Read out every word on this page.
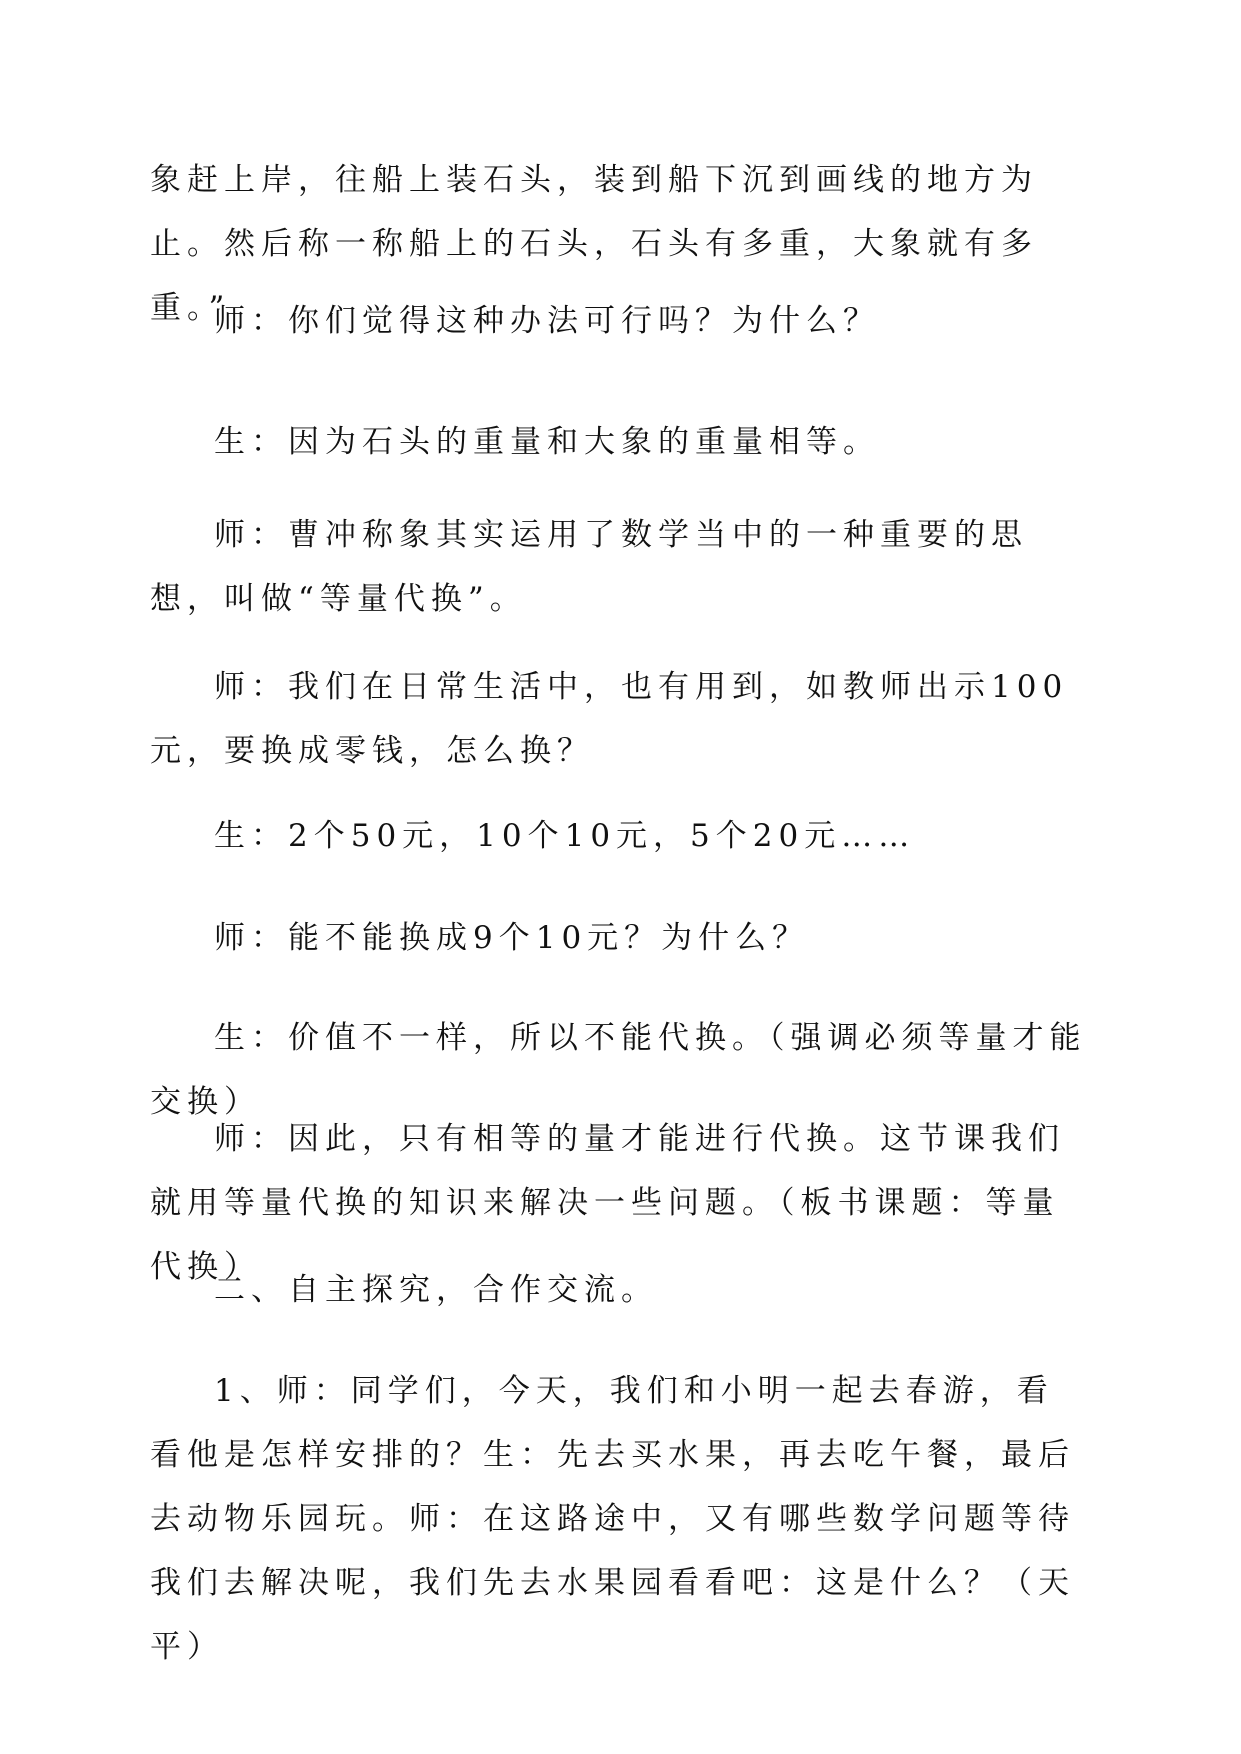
象赶上岸，往船上装石头，装到船下沉到画线的地方为止。然后称一称船上的石头，石头有多重，大象就有多重。”

师：你们觉得这种办法可行吗？为什么？

生：因为石头的重量和大象的重量相等。

师：曹冲称象其实运用了数学当中的一种重要的思想，叫做“等量代换”。

师：我们在日常生活中，也有用到，如教师出示100元，要换成零钱，怎么换？

生：2个50元，10个10元，5个20元……

师：能不能换成9个10元？为什么？

生：价值不一样，所以不能代换。（强调必须等量才能交换）

师：因此，只有相等的量才能进行代换。这节课我们就用等量代换的知识来解决一些问题。（板书课题：等量代换）

二、自主探究，合作交流。

1、师：同学们，今天，我们和小明一起去春游，看看他是怎样安排的？生：先去买水果，再去吃午餐，最后去动物乐园玩。师：在这路途中，又有哪些数学问题等待我们去解决呢，我们先去水果园看看吧：这是什么？（天平）
